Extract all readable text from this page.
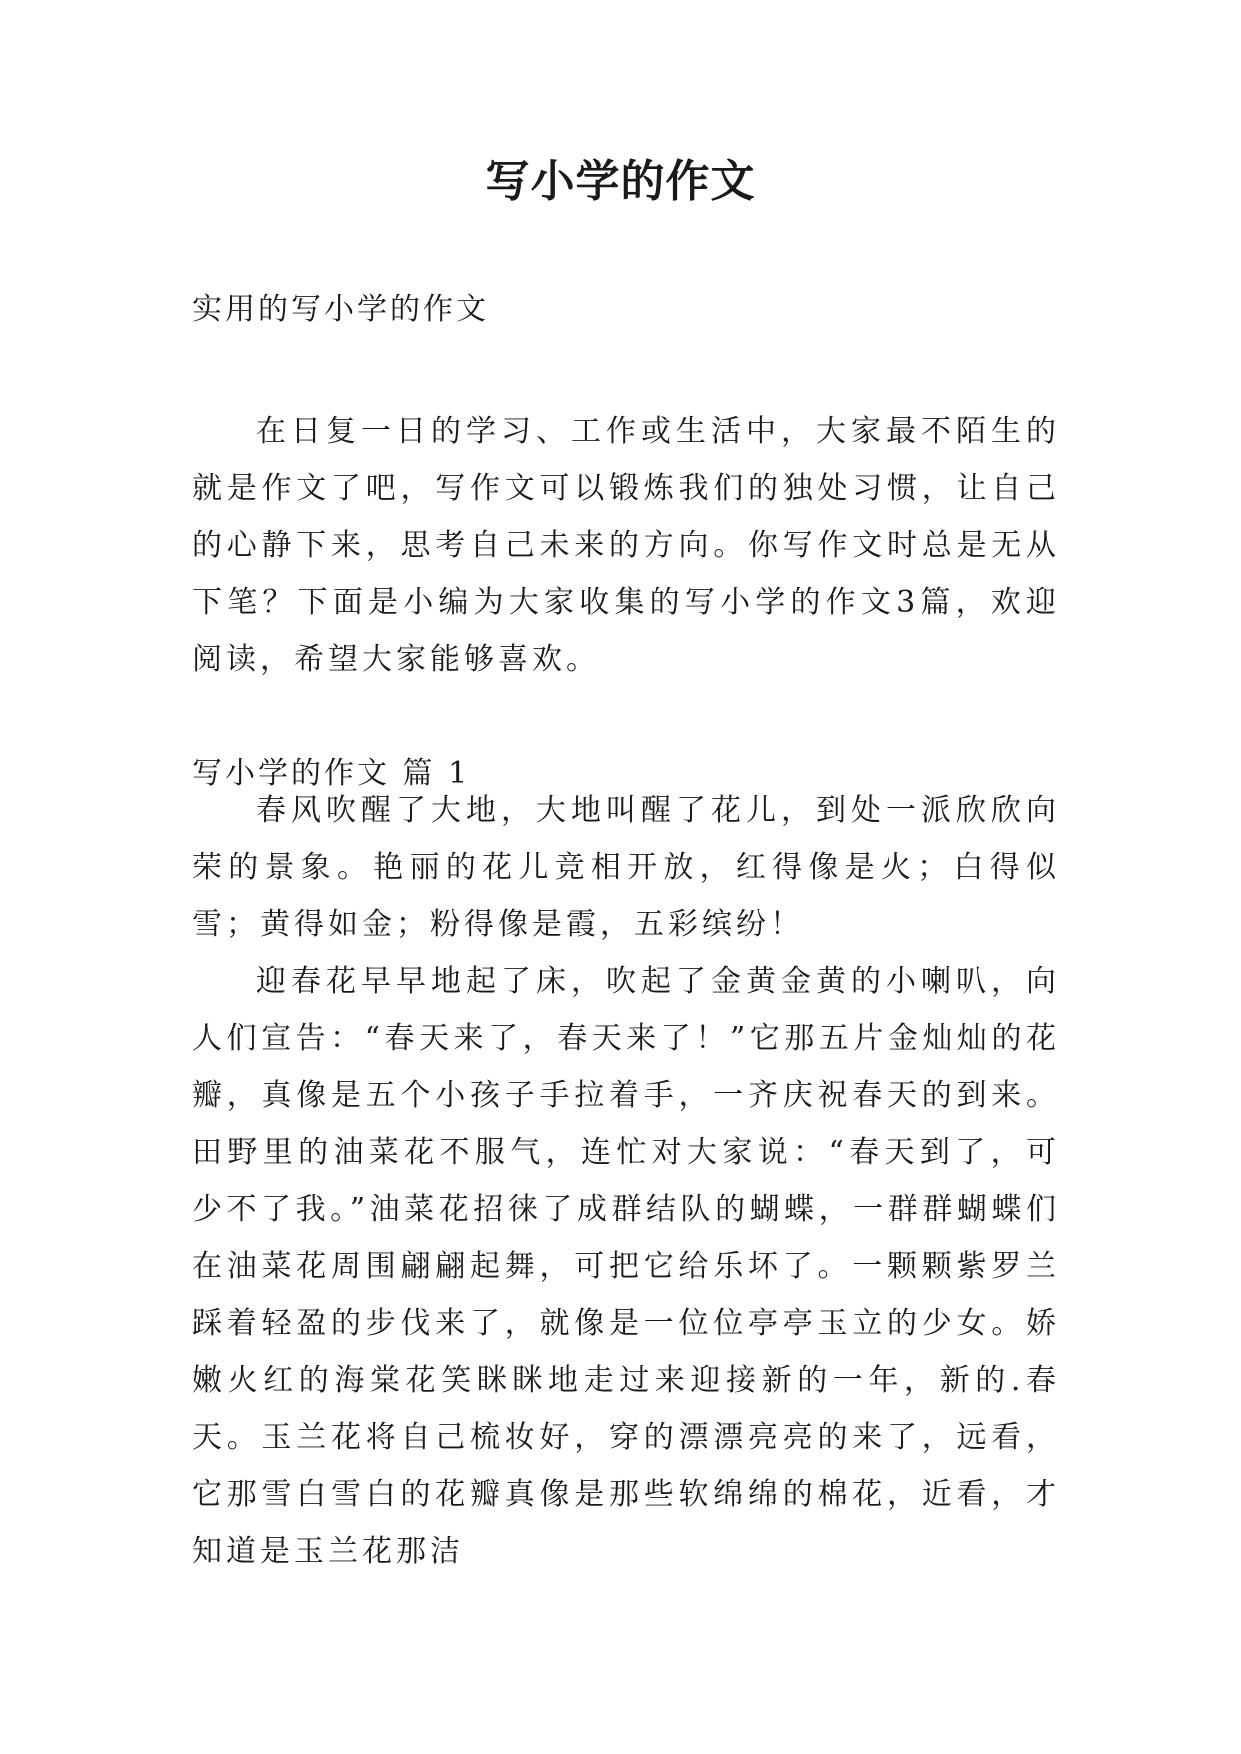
写小学的作文

实用的写小学的作文

在日复一日的学习、工作或生活中，大家最不陌生的就是作文了吧，写作文可以锻炼我们的独处习惯，让自己的心静下来，思考自己未来的方向。你写作文时总是无从下笔？下面是小编为大家收集的写小学的作文3篇，欢迎阅读，希望大家能够喜欢。

写小学的作文 篇 1

春风吹醒了大地，大地叫醒了花儿，到处一派欣欣向荣的景象。艳丽的花儿竞相开放，红得像是火；白得似雪；黄得如金；粉得像是霞，五彩缤纷！

迎春花早早地起了床，吹起了金黄金黄的小喇叭，向人们宣告：“春天来了，春天来了！”它那五片金灿灿的花瓣，真像是五个小孩子手拉着手，一齐庆祝春天的到来。田野里的油菜花不服气，连忙对大家说：“春天到了，可少不了我。”油菜花招徕了成群结队的蝴蝶，一群群蝴蝶们在油菜花周围翩翩起舞，可把它给乐坏了。一颗颗紫罗兰踩着轻盈的步伐来了，就像是一位位亭亭玉立的少女。娇嫩火红的海棠花笑眯眯地走过来迎接新的一年，新的.春天。玉兰花将自己梳妆好，穿的漂漂亮亮的来了，远看，它那雪白雪白的花瓣真像是那些软绵绵的棉花，近看，才知道是玉兰花那洁
